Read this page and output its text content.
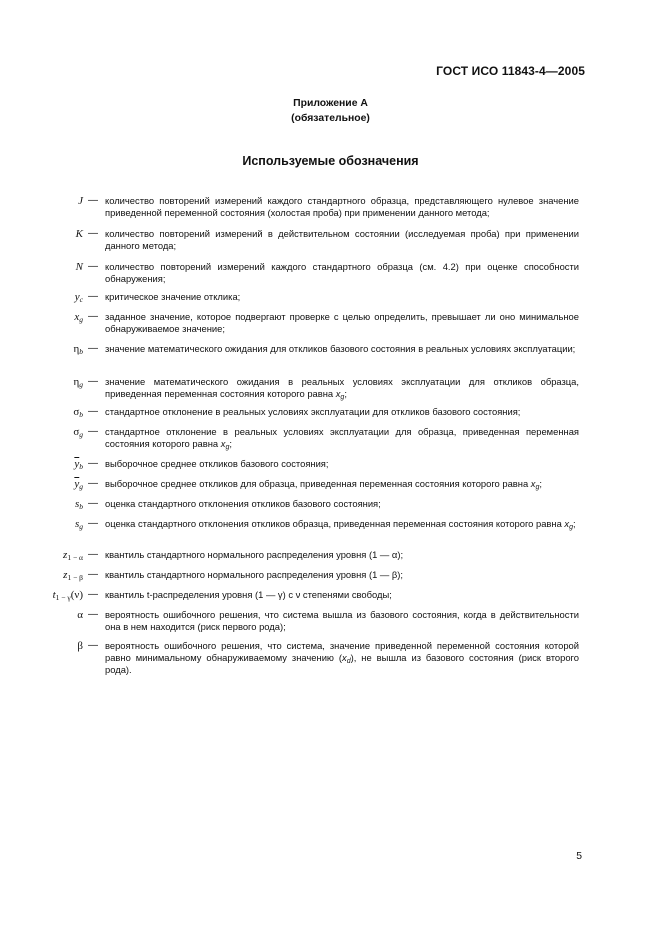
ГОСТ ИСО 11843-4—2005
Приложение А
(обязательное)
Используемые обозначения
J — количество повторений измерений каждого стандартного образца, представляющего нулевое значение приведенной переменной состояния (холостая проба) при применении данного метода;
K — количество повторений измерений в действительном состоянии (исследуемая проба) при применении данного метода;
N — количество повторений измерений каждого стандартного образца (см. 4.2) при оценке способности обнаружения;
$y_c$ — критическое значение отклика;
$x_g$ — заданное значение, которое подвергают проверке с целью определить, превышает ли оно минимальное обнаруживаемое значение;
$\eta_b$ — значение математического ожидания для откликов базового состояния в реальных условиях эксплуатации;
$\eta_g$ — значение математического ожидания в реальных условиях эксплуатации для откликов образца, приведенная переменная состояния которого равна $x_g$;
$\sigma_b$ — стандартное отклонение в реальных условиях эксплуатации для откликов базового состояния;
$\sigma_g$ — стандартное отклонение в реальных условиях эксплуатации для образца, приведенная переменная состояния которого равна $x_g$;
$\overline{y}_b$ — выборочное среднее откликов базового состояния;
$\overline{y}_g$ — выборочное среднее откликов для образца, приведенная переменная состояния которого равна $x_g$;
$s_b$ — оценка стандартного отклонения откликов базового состояния;
$s_g$ — оценка стандартного отклонения откликов образца, приведенная переменная состояния которого равна $x_g$;
$z_{1 - \alpha}$ — квантиль стандартного нормального распределения уровня (1 — α);
$z_{1 - \beta}$ — квантиль стандартного нормального распределения уровня (1 — β);
$t_{1 - \gamma}(\nu)$ — квантиль t-распределения уровня (1 — γ) с ν степенями свободы;
α — вероятность ошибочного решения, что система вышла из базового состояния, когда в действительности она в нем находится (риск первого рода);
β — вероятность ошибочного решения, что система, значение приведенной переменной состояния которой равно минимальному обнаруживаемому значению $(x_d)$, не вышла из базового состояния (риск второго рода).
5
